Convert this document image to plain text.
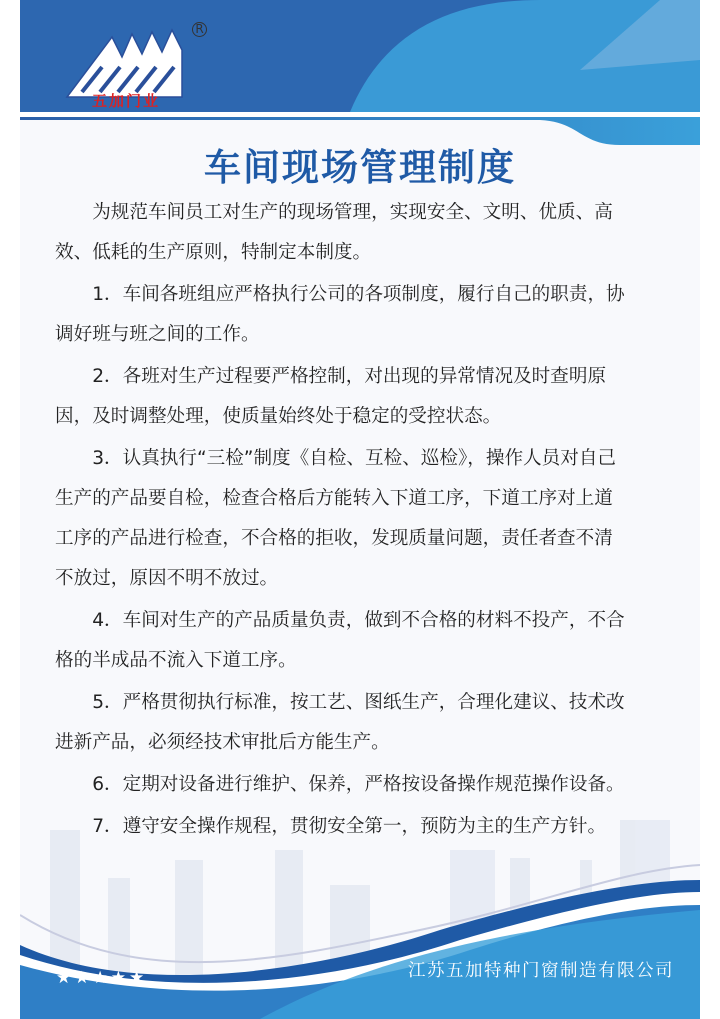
R
五加门业
车间现场管理制度
★★★★★	江苏五加特种门窗制造有限公司

为规范车间员工对生产的现场管理，实现安全、文明、优质、高效、低耗的生产原则，特制定本制度。

1．车间各班组应严格执行公司的各项制度，履行自己的职责，协调好班与班之间的工作。

2．各班对生产过程要严格控制，对出现的异常情况及时查明原因，及时调整处理，使质量始终处于稳定的受控状态。

3．认真执行“三检”制度《自检、互检、巡检》，操作人员对自己生产的产品要自检，检查合格后方能转入下道工序，下道工序对上道工序的产品进行检查，不合格的拒收，发现质量问题，责任者查不清不放过，原因不明不放过。

4．车间对生产的产品质量负责，做到不合格的材料不投产，不合格的半成品不流入下道工序。

5．严格贯彻执行标准，按工艺、图纸生产，合理化建议、技术改进新产品，必须经技术审批后方能生产。

6．定期对设备进行维护、保养，严格按设备操作规范操作设备。

7．遵守安全操作规程，贯彻安全第一，预防为主的生产方针。
